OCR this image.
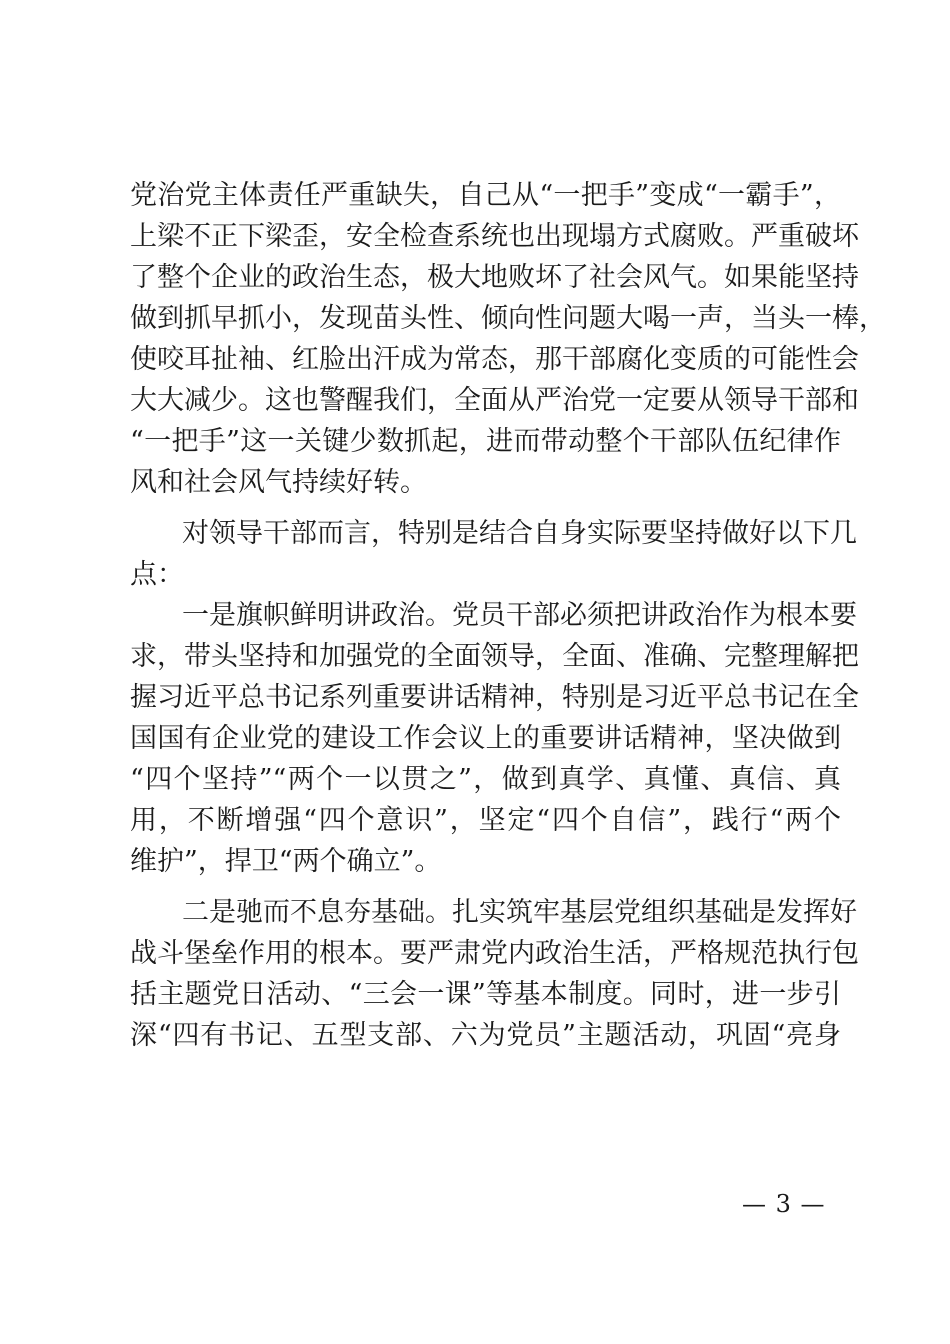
党治党主体责任严重缺失，自己从“一把手”变成“一霸手”，
上梁不正下梁歪，安全检查系统也出现塌方式腐败。严重破坏
了整个企业的政治生态，极大地败坏了社会风气。如果能坚持
做到抓早抓小，发现苗头性、倾向性问题大喝一声，当头一棒，
使咬耳扯袖、红脸出汗成为常态，那干部腐化变质的可能性会
大大减少。这也警醒我们，全面从严治党一定要从领导干部和
“一把手”这一关键少数抓起，进而带动整个干部队伍纪律作
风和社会风气持续好转。
对领导干部而言，特别是结合自身实际要坚持做好以下几
点：
一是旗帜鲜明讲政治。党员干部必须把讲政治作为根本要
求，带头坚持和加强党的全面领导，全面、准确、完整理解把
握习近平总书记系列重要讲话精神，特别是习近平总书记在全
国国有企业党的建设工作会议上的重要讲话精神，坚决做到
“四个坚持”“两个一以贯之”，做到真学、真懂、真信、真
用，不断增强“四个意识”，坚定“四个自信”，践行“两个
维护”，捍卫“两个确立”。
二是驰而不息夯基础。扎实筑牢基层党组织基础是发挥好
战斗堡垒作用的根本。要严肃党内政治生活，严格规范执行包
括主题党日活动、“三会一课”等基本制度。同时，进一步引
深“四有书记、五型支部、六为党员”主题活动，巩固“亮身
— 3 —
